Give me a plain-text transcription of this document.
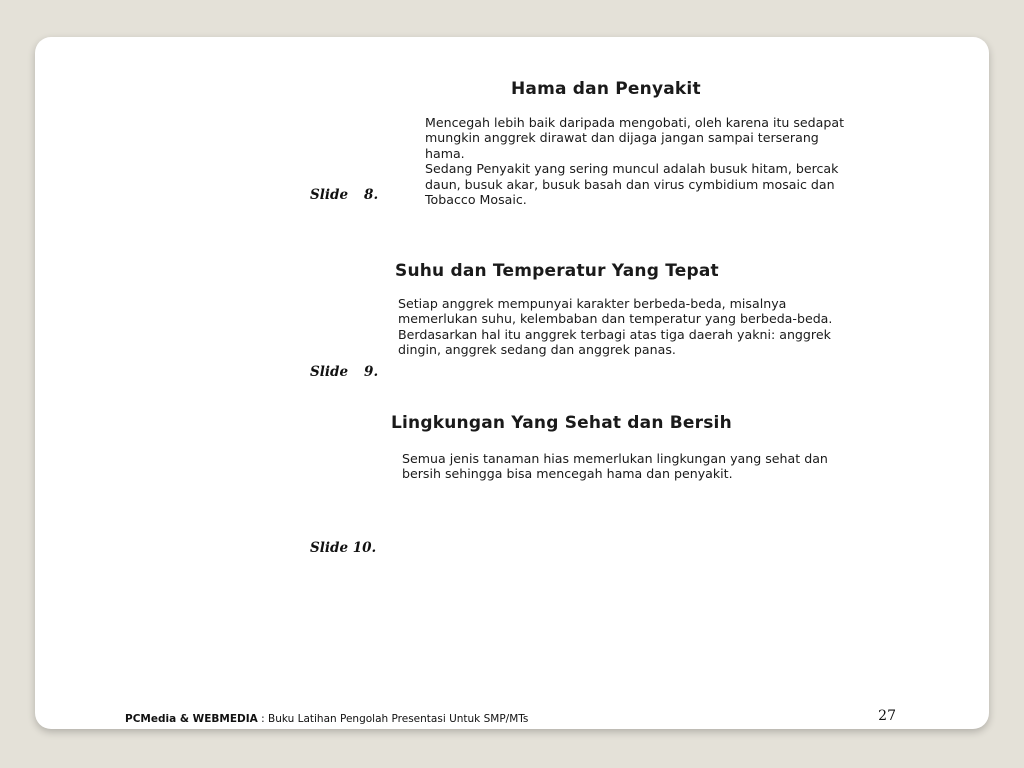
Hama dan Penyakit

Mencegah lebih baik daripada mengobati, oleh karena itu sedapat mungkin anggrek dirawat dan dijaga jangan sampai terserang hama.

Sedang Penyakit yang sering muncul adalah busuk hitam, bercak daun, busuk akar, busuk basah dan virus cymbidium mosaic dan Tobacco Mosaic.

Slide 8.
Suhu dan Temperatur Yang Tepat

Setiap anggrek mempunyai karakter berbeda-beda, misalnya memerlukan suhu, kelembaban dan temperatur yang berbeda-beda. Berdasarkan hal itu anggrek terbagi atas tiga daerah yakni: anggrek dingin, anggrek sedang dan anggrek panas.

Slide 9.
Lingkungan Yang Sehat dan Bersih

Semua jenis tanaman hias memerlukan lingkungan yang sehat dan bersih sehingga bisa mencegah hama dan penyakit.

Slide 10.
PCMedia & WEBMEDIA : Buku Latihan Pengolah Presentasi Untuk SMP/MTs	27
